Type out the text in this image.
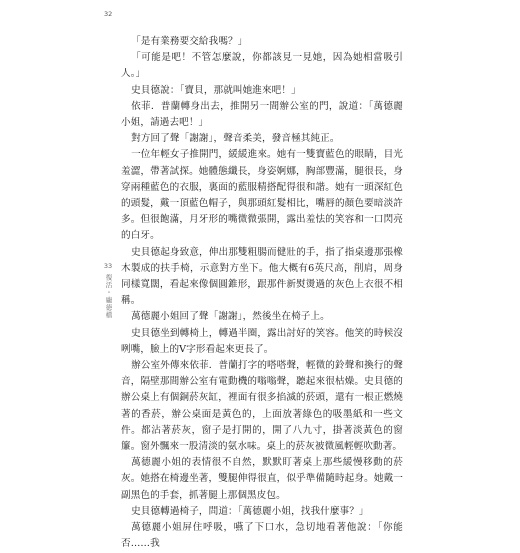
32
33
復活・龐德檔

「是有業務要交給我嗎？」

「可能是吧！不管怎麼說，你都該見一見她，因為她相當吸引人。」

史貝德說：「寶貝，那就叫她進來吧！」

依菲．普蘭轉身出去，推開另一間辦公室的門，說道：「萬德麗小姐，請過去吧！」

對方回了聲「謝謝」，聲音柔美，發音極其純正。

一位年輕女子推開門，緩緩進來。她有一雙寶藍色的眼睛，目光羞澀，帶著試探。她體態纖長，身姿婀娜，胸部豐滿，腿很長，身穿兩種藍色的衣服，裏面的藍服精搭配得很和諧。她有一頭深紅色的頭髮，戴一頂藍色帽子，與那頭紅髮相比，嘴唇的顏色要暗淡許多。但很飽滿，月牙形的嘴微微張開，露出羞怯的笑容和一口閃亮的白牙。

史貝德起身致意，伸出那雙粗腸而健壯的手，指了指桌邊那張橡木製成的扶手椅，示意對方坐下。他大概有6英尺高，削肩，周身同樣寬闊，看起來像個圓錐形，跟那件新熨燙過的灰色上衣很不相稱。

萬德麗小姐回了聲「謝謝」，然後坐在椅子上。

史貝德坐到轉椅上，轉過半圈，露出討好的笑容。他笑的時候沒咧嘴，臉上的V字形看起來更長了。

辦公室外傳來依菲．普蘭打字的嗒嗒聲，輕微的鈴聲和換行的聲音，隔壁那間辦公室有電動機的嗡嗡聲，聽起來很枯燥。史貝德的辦公桌上有個銅菸灰缸，裡面有很多掐滅的菸頭，還有一根正燃燒著的香菸，辦公桌面是黃色的，上面放著綠色的吸墨紙和一些文件。都沾著菸灰，窗子是打開的，開了八九寸，掛著淡黃色的窗簾。窗外飄來一股清淡的氨水味。桌上的菸灰被微風輕輕吹動著。

萬德麗小姐的表情很不自然，默默盯著桌上那些緩慢移動的菸灰。她搭在椅邊坐著，雙腿伸得很直，似乎準備隨時起身。她戴一副黑色的手套，抓著腿上那個黑皮包。

史貝德轉過椅子，問道：「萬德麗小姐，找我什麼事？」

萬德麗小姐屏住呼吸，嚥了下口水，急切地看著他說：「你能否……我
